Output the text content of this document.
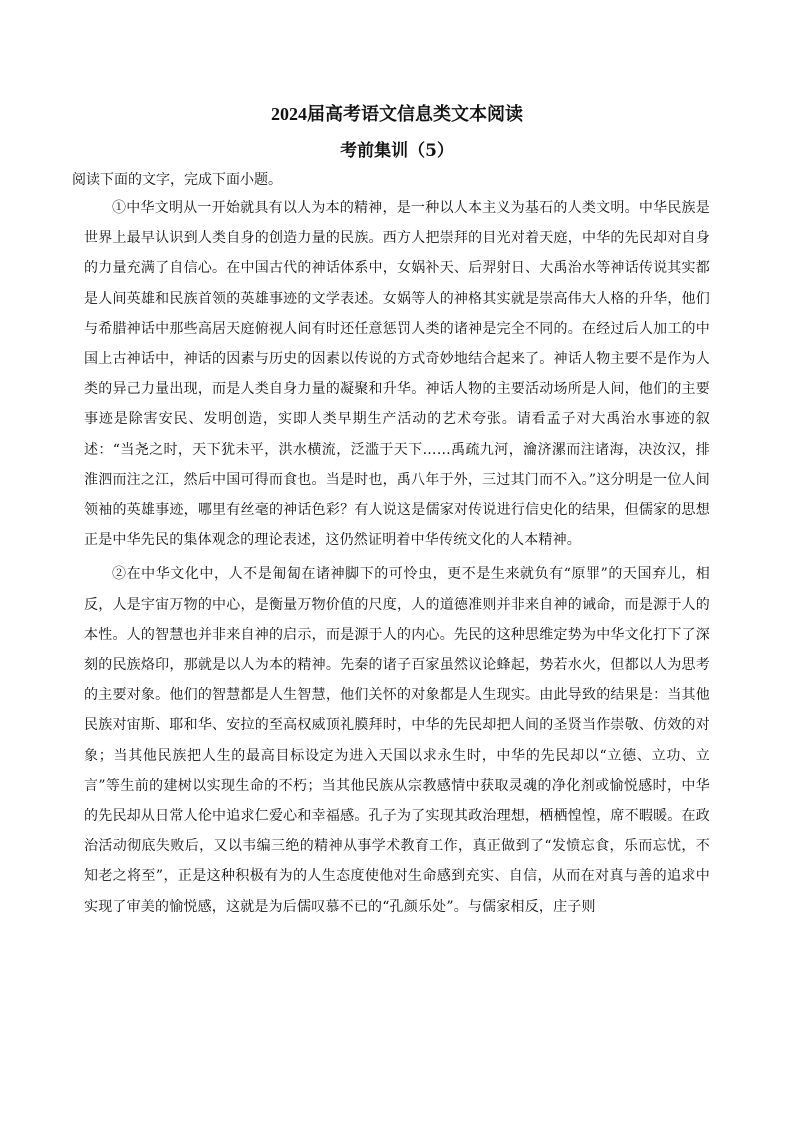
2024届高考语文信息类文本阅读
考前集训（5）
阅读下面的文字，完成下面小题。

①中华文明从一开始就具有以人为本的精神，是一种以人本主义为基石的人类文明。中华民族是世界上最早认识到人类自身的创造力量的民族。西方人把崇拜的目光对着天庭，中华的先民却对自身的力量充满了自信心。在中国古代的神话体系中，女娲补天、后羿射日、大禹治水等神话传说其实都是人间英雄和民族首领的英雄事迹的文学表述。女娲等人的神格其实就是崇高伟大人格的升华，他们与希腊神话中那些高居天庭俯视人间有时还任意惩罚人类的诸神是完全不同的。在经过后人加工的中国上古神话中，神话的因素与历史的因素以传说的方式奇妙地结合起来了。神话人物主要不是作为人类的异己力量出现，而是人类自身力量的凝聚和升华。神话人物的主要活动场所是人间，他们的主要事迹是除害安民、发明创造，实即人类早期生产活动的艺术夸张。请看孟子对大禹治水事迹的叙述：“当尧之时，天下犹未平，洪水横流，泛滥于天下……禹疏九河，瀹济漯而注诸海，决汝汉，排淮泗而注之江，然后中国可得而食也。当是时也，禹八年于外，三过其门而不入。”这分明是一位人间领袖的英雄事迹，哪里有丝毫的神话色彩？有人说这是儒家对传说进行信史化的结果，但儒家的思想正是中华先民的集体观念的理论表述，这仍然证明着中华传统文化的人本精神。

②在中华文化中，人不是匍匐在诸神脚下的可怜虫，更不是生来就负有“原罪”的天国弃儿，相反，人是宇宙万物的中心，是衡量万物价值的尺度，人的道德准则并非来自神的诫命，而是源于人的本性。人的智慧也并非来自神的启示，而是源于人的内心。先民的这种思维定势为中华文化打下了深刻的民族烙印，那就是以人为本的精神。先秦的诸子百家虽然议论蜂起，势若水火，但都以人为思考的主要对象。他们的智慧都是人生智慧，他们关怀的对象都是人生现实。由此导致的结果是：当其他民族对宙斯、耶和华、安拉的至高权威顶礼膜拜时，中华的先民却把人间的圣贤当作崇敬、仿效的对象；当其他民族把人生的最高目标设定为进入天国以求永生时，中华的先民却以“立德、立功、立言”等生前的建树以实现生命的不朽；当其他民族从宗教感情中获取灵魂的净化剂或愉悦感时，中华的先民却从日常人伦中追求仁爱心和幸福感。孔子为了实现其政治理想，栖栖惶惶，席不暇暖。在政治活动彻底失败后，又以韦编三绝的精神从事学术教育工作，真正做到了“发愤忘食，乐而忘忧，不知老之将至”，正是这种积极有为的人生态度使他对生命感到充实、自信，从而在对真与善的追求中实现了审美的愉悦感，这就是为后儒叹慕不已的“孔颜乐处”。与儒家相反，庄子则
